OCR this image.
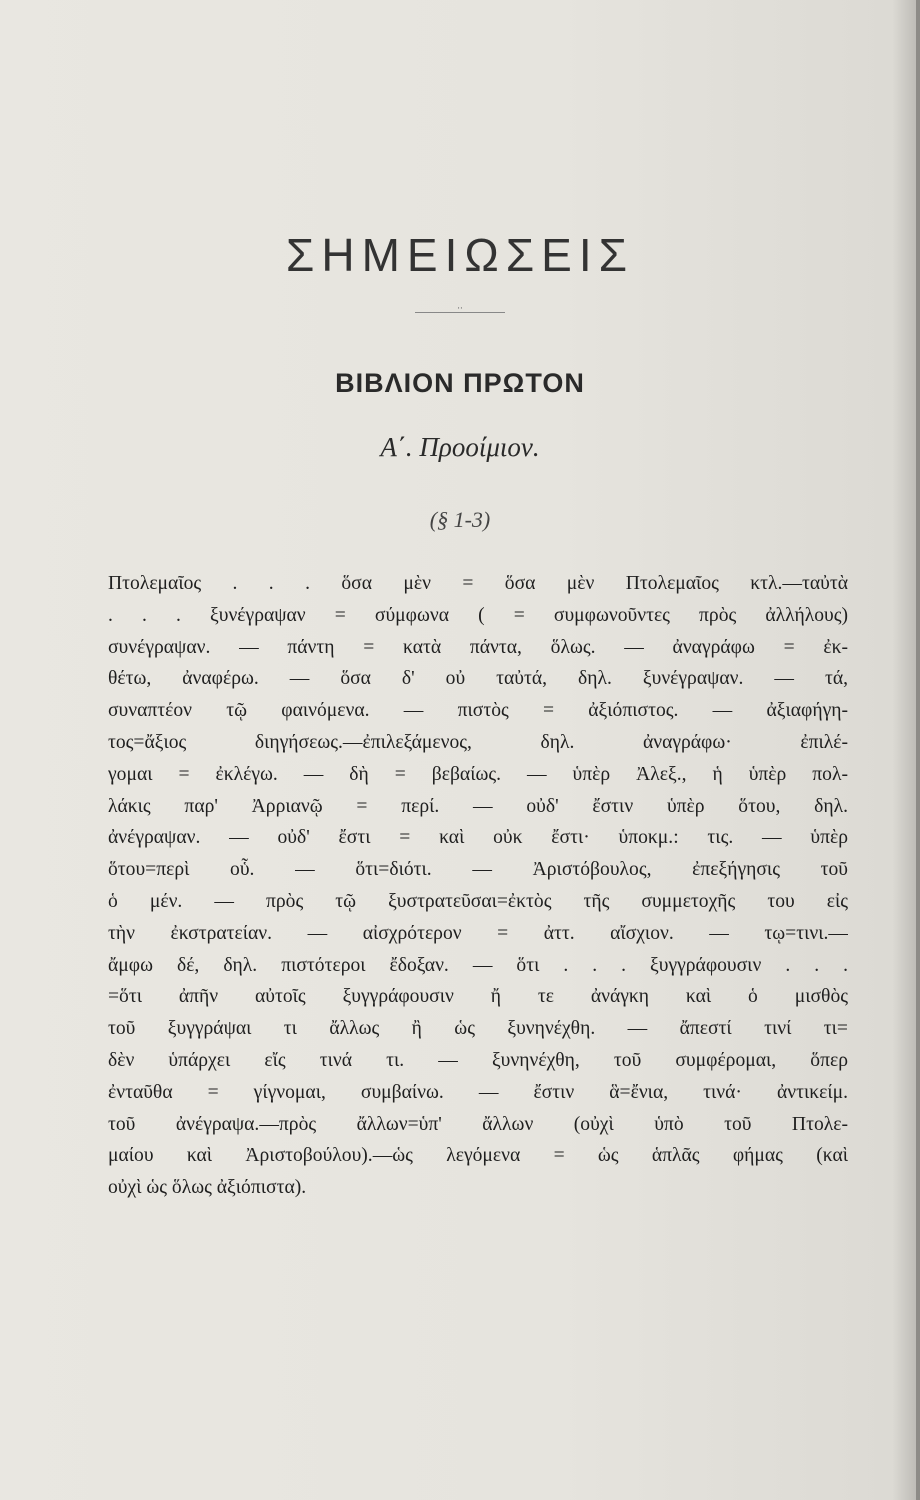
ΣΗΜΕΙΩΣΕΙΣ
··
ΒΙΒΛΙΟΝ ΠΡΩΤΟΝ
Α΄. Προοίμιον.
(§ 1-3)
Πτολεμαῖος . . . ὅσα μὲν = ὅσα μὲν Πτολεμαῖος κτλ.—ταὐτὰ
. . . ξυνέγραψαν = σύμφωνα ( = συμφωνοῦντες πρὸς ἀλλήλους)
συνέγραψαν. — πάντη = κατὰ πάντα, ὅλως. — ἀναγράφω = ἐκ-
θέτω, ἀναφέρω. — ὅσα δ' οὐ ταὐτά, δηλ. ξυνέγραψαν. — τά,
συναπτέον τῷ φαινόμενα. — πιστὸς = ἀξιόπιστος. — ἀξιαφήγη-
τος=ἄξιος διηγήσεως.—ἐπιλεξάμενος, δηλ. ἀναγράφω· ἐπιλέ-
γομαι = ἐκλέγω. — δὴ = βεβαίως. — ὑπὲρ Ἀλεξ., ἡ ὑπὲρ πολ-
λάκις παρ' Ἀρριανῷ = περί. — οὐδ' ἔστιν ὑπὲρ ὅτου, δηλ.
ἀνέγραψαν. — οὐδ' ἔστι = καὶ οὐκ ἔστι· ὑποκμ.: τις. — ὑπὲρ
ὅτου=περὶ οὗ. — ὅτι=διότι. — Ἀριστόβουλος, ἐπεξήγησις τοῦ
ὁ μέν. — πρὸς τῷ ξυστρατεῦσαι=ἐκτὸς τῆς συμμετοχῆς του εἰς
τὴν ἐκστρατείαν. — αἰσχρότερον = ἀττ. αἴσχιον. — τῳ=τινι.—
ἄμφω δέ, δηλ. πιστότεροι ἔδοξαν. — ὅτι . . . ξυγγράφουσιν . . .
=ὅτι ἀπῆν αὐτοῖς ξυγγράφουσιν ἤ τε ἀνάγκη καὶ ὁ μισθὸς
τοῦ ξυγγράψαι τι ἄλλως ἢ ὡς ξυνηνέχθη. — ἄπεστί τινί τι=
δὲν ὑπάρχει εἴς τινά τι. — ξυνηνέχθη, τοῦ συμφέρομαι, ὅπερ
ἐνταῦθα = γίγνομαι, συμβαίνω. — ἔστιν ἃ=ἔνια, τινά· ἀντικείμ.
τοῦ ἀνέγραψα.—πρὸς ἄλλων=ὑπ' ἄλλων (οὐχὶ ὑπὸ τοῦ Πτολε-
μαίου καὶ Ἀριστοβούλου).—ὡς λεγόμενα = ὡς ἁπλᾶς φήμας (καὶ
οὐχὶ ὡς ὅλως ἀξιόπιστα).
